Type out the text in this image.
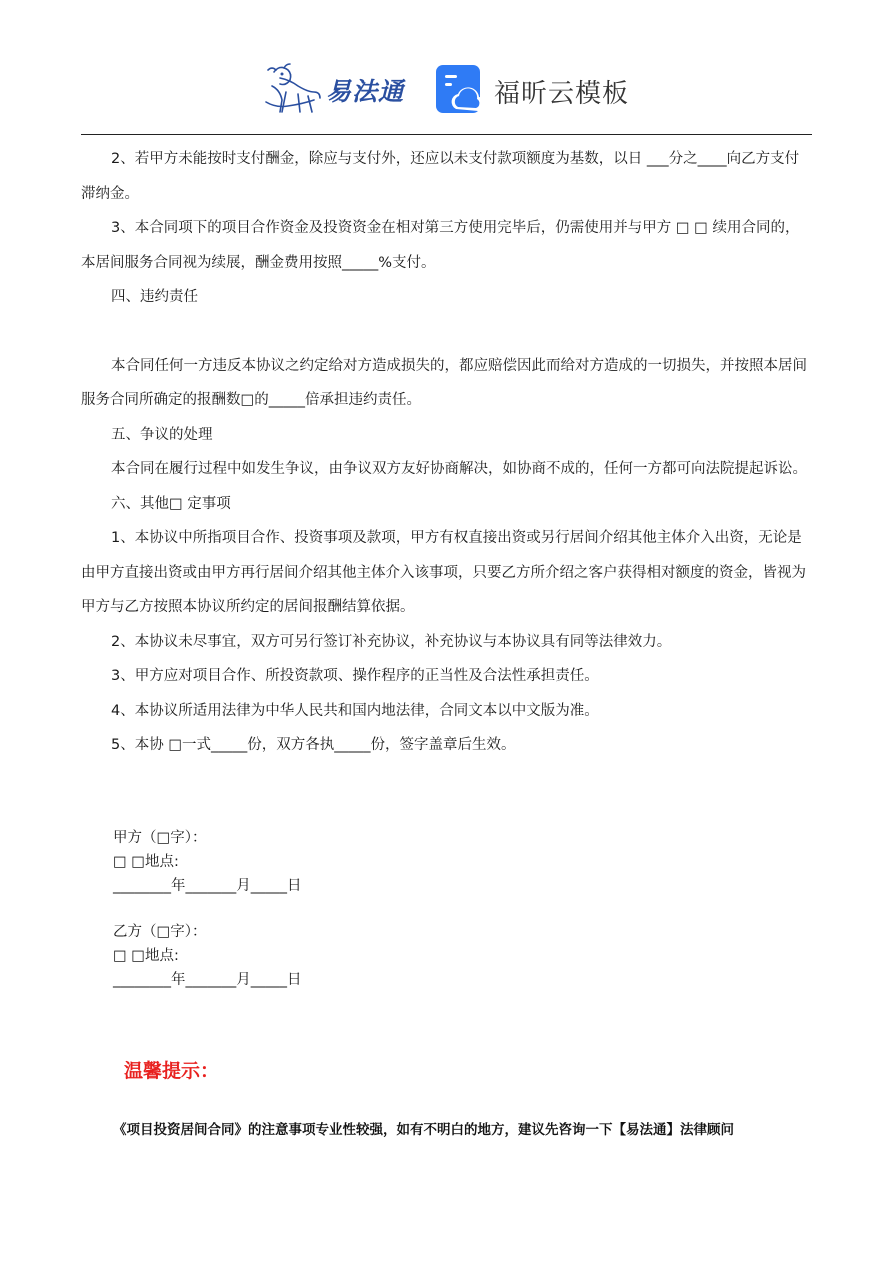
易法通	福昕云模板

2、若甲方未能按时支付酬金，除应与支付外，还应以未支付款项额度为基数，以日 ___分之____向乙方支付滞纳金。

3、本合同项下的项目合作资金及投资资金在相对第三方使用完毕后，仍需使用并与甲方 □ □ 续用合同的，本居间服务合同视为续展，酬金费用按照_____%支付。

四、违约责任

本合同任何一方违反本协议之约定给对方造成损失的，都应赔偿因此而给对方造成的一切损失，并按照本居间服务合同所确定的报酬数□的_____倍承担违约责任。

五、争议的处理

本合同在履行过程中如发生争议，由争议双方友好协商解决，如协商不成的，任何一方都可向法院提起诉讼。

六、其他□ 定事项

1、本协议中所指项目合作、投资事项及款项，甲方有权直接出资或另行居间介绍其他主体介入出资，无论是由甲方直接出资或由甲方再行居间介绍其他主体介入该事项，只要乙方所介绍之客户获得相对额度的资金，皆视为甲方与乙方按照本协议所约定的居间报酬结算依据。

2、本协议未尽事宜，双方可另行签订补充协议，补充协议与本协议具有同等法律效力。

3、甲方应对项目合作、所投资款项、操作程序的正当性及合法性承担责任。

4、本协议所适用法律为中华人民共和国内地法律，合同文本以中文版为准。

5、本协 □一式_____份，双方各执_____份，签字盖章后生效。

甲方（□字）：
□ □地点:
________年_______月_____日
乙方（□字）：
□ □地点:
________年_______月_____日
温馨提示：
《项目投资居间合同》的注意事项专业性较强，如有不明白的地方，建议先咨询一下【易法通】法律顾问
